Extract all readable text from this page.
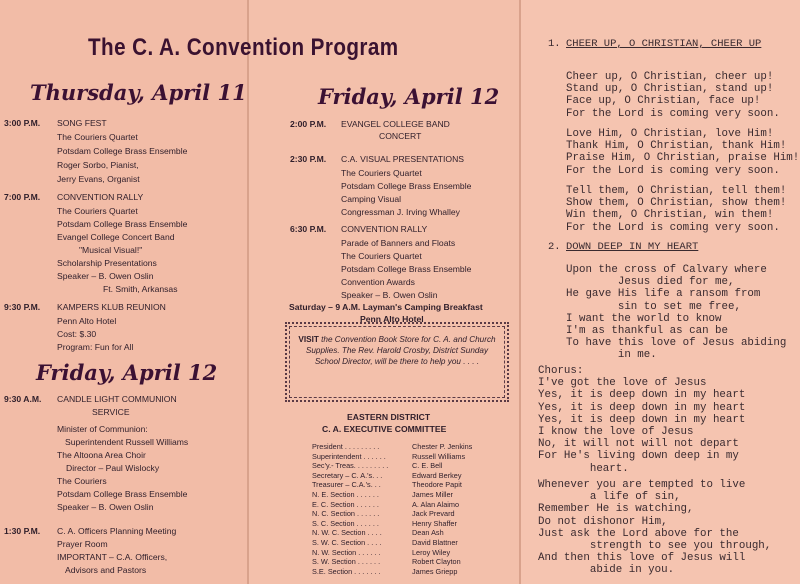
The C. A. Convention Program
Thursday, April 11
3:00 P.M. SONG FEST
The Couriers Quartet
Potsdam College Brass Ensemble
Roger Sorbo, Pianist,
Jerry Evans, Organist
7:00 P.M. CONVENTION RALLY
The Couriers Quartet
Potsdam College Brass Ensemble
Evangel College Concert Band
"Musical Visual!"
Scholarship Presentations
Speaker – B. Owen Oslin
Ft. Smith, Arkansas
9:30 P.M. KAMPERS KLUB REUNION
Penn Alto Hotel
Cost: $.30
Program: Fun for All
Friday, April 12
9:30 A.M. CANDLE LIGHT COMMUNION
SERVICE
Minister of Communion:
Superintendent Russell Williams
The Altoona Area Choir
Director – Paul Wislocky
The Couriers
Potsdam College Brass Ensemble
Speaker – B. Owen Oslin
1:30 P.M. C. A. Officers Planning Meeting
Prayer Room
IMPORTANT – C.A. Officers,
Advisors and Pastors
Friday, April 12
2:00 P.M. EVANGEL COLLEGE BAND
CONCERT
2:30 P.M. C.A. VISUAL PRESENTATIONS
The Couriers Quartet
Potsdam College Brass Ensemble
Camping Visual
Congressman J. Irving Whalley
6:30 P.M. CONVENTION RALLY
Parade of Banners and Floats
The Couriers Quartet
Potsdam College Brass Ensemble
Convention Awards
Speaker – B. Owen Oslin
Saturday – 9 A.M. Layman's Camping Breakfast
Penn Alto Hotel
VISIT the Convention Book Store for C. A. and Church Supplies. The Rev. Harold Crosby, District Sunday School Director, will be there to help you . . . .
EASTERN DISTRICT
C. A. EXECUTIVE COMMITTEE
President . . . . . . . . .	Chester P. Jenkins
Superintendent . . . . . .	Russell Williams
Sec'y.- Treas. . . . . . . . .	C. E. Bell
Secretary – C. A.'s. . .	Edward Berkey
Treasurer – C.A.'s. . .	Theodore Papit
N. E. Section . . . . . .	James Miller
E. C. Section . . . . . .	A. Alan Alaimo
N. C. Section . . . . . .	Jack Prevard
S. C. Section . . . . . .	Henry Shaffer
N. W. C. Section . . . .	Dean Ash
S. W. C. Section . . . .	David Blattner
N. W. Section . . . . . .	Leroy Wiley
S. W. Section . . . . . .	Robert Clayton
S.E. Section . . . . . . .	James Griepp
1. CHEER UP, O CHRISTIAN, CHEER UP
Cheer up, O Christian, cheer up!
Stand up, O Christian, stand up!
Face up, O Christian, face up!
For the Lord is coming very soon.
Love Him, O Christian, love Him!
Thank Him, O Christian, thank Him!
Praise Him, O Christian, praise Him!
For the Lord is coming very soon.
Tell them, O Christian, tell them!
Show them, O Christian, show them!
Win them, O Christian, win them!
For the Lord is coming very soon.
2. DOWN DEEP IN MY HEART
Upon the cross of Calvary where
Jesus died for me,
He gave His life a ransom from
sin to set me free,
I want the world to know
I'm as thankful as can be
To have this love of Jesus abiding
in me.
Chorus:
I've got the love of Jesus
Yes, it is deep down in my heart
Yes, it is deep down in my heart
Yes, it is deep down in my heart
I know the love of Jesus
No, it will not will not depart
For He's living down deep in my
heart.
Whenever you are tempted to live
a life of sin,
Remember He is watching,
Do not dishonor Him,
Just ask the Lord above for the
strength to see you through,
And then this love of Jesus will
abide in you.
